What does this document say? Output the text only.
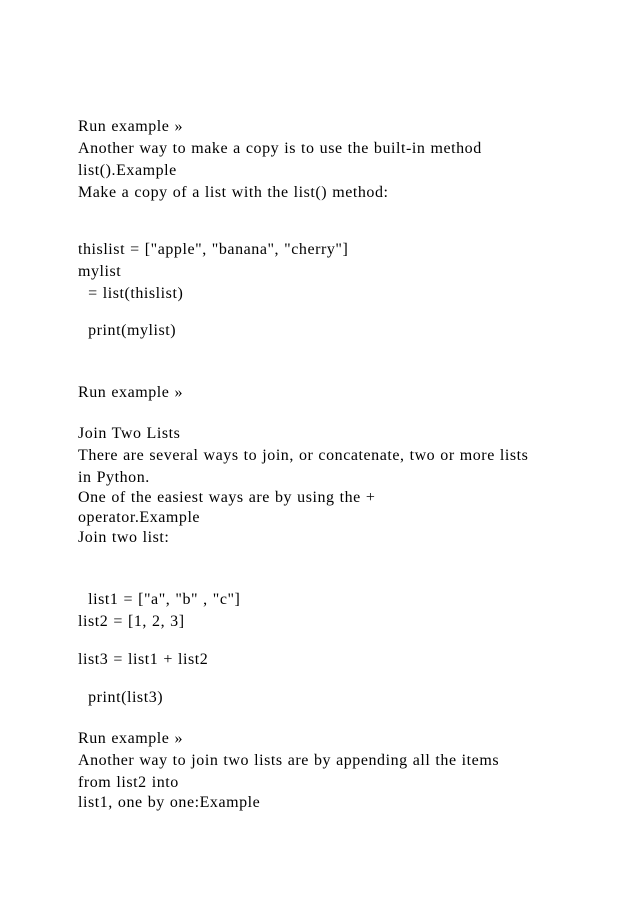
Run example »

Another way to make a copy is to use the built-in method

list().Example

Make a copy of a list with the list() method:

thislist = ["apple", "banana", "cherry"]

mylist

= list(thislist)

print(mylist)

Run example »

Join Two Lists

There are several ways to join, or concatenate, two or more lists

in Python.

One of the easiest ways are by using the +

operator.Example

Join two list:

list1 = ["a", "b" , "c"]

list2 = [1, 2, 3]

list3 = list1 + list2

print(list3)

Run example »

Another way to join two lists are by appending all the items

from list2 into

list1, one by one:Example
